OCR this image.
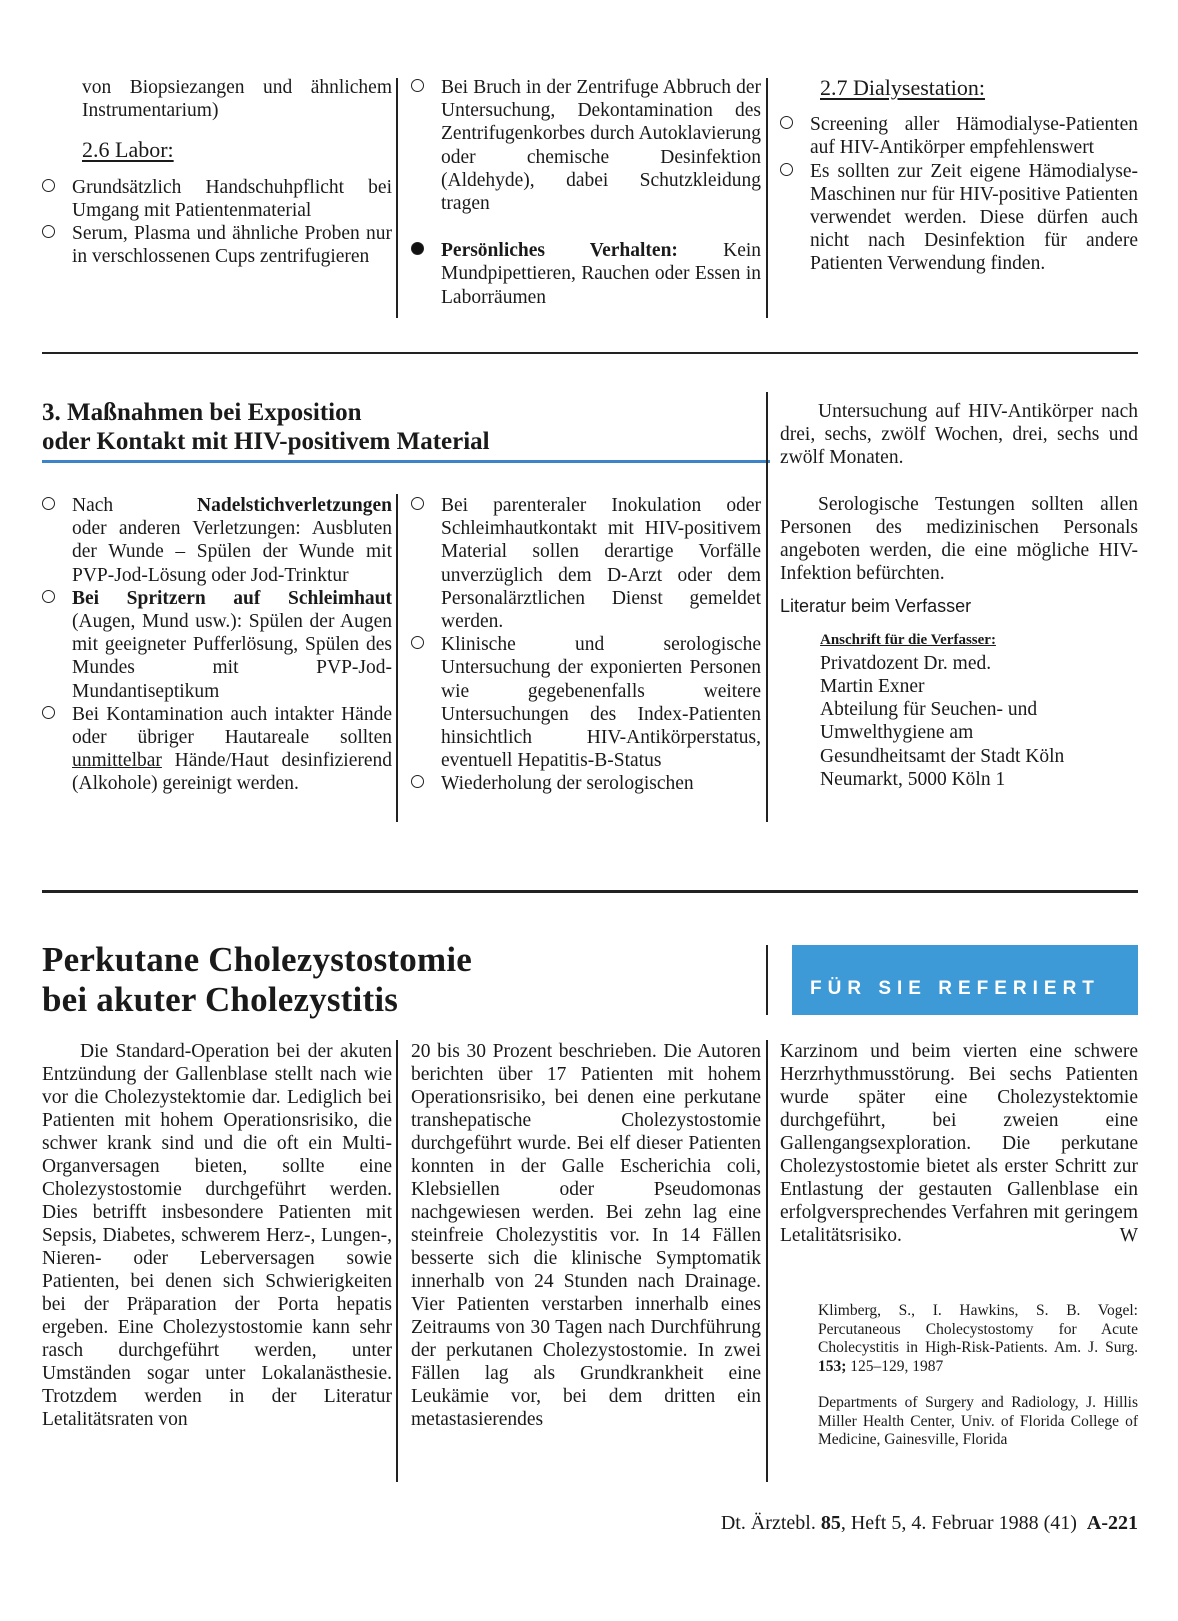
von Biopsiezangen und ähnlichem Instrumentarium)

2.6 Labor:
Grundsätzlich Handschuhpflicht bei Umgang mit Patientenmaterial
Serum, Plasma und ähnliche Proben nur in verschlossenen Cups zentrifugieren
Bei Bruch in der Zentrifuge Abbruch der Untersuchung, Dekontamination des Zentrifugenkorbes durch Autoklavierung oder chemische Desinfektion (Aldehyde), dabei Schutzkleidung tragen
Persönliches Verhalten: Kein Mundpipettieren, Rauchen oder Essen in Laborräumen
2.7 Dialysestation:
Screening aller Hämodialyse-Patienten auf HIV-Antikörper empfehlenswert
Es sollten zur Zeit eigene Hämodialyse-Maschinen nur für HIV-positive Patienten verwendet werden. Diese dürfen auch nicht nach Desinfektion für andere Patienten Verwendung finden.
3. Maßnahmen bei Exposition
oder Kontakt mit HIV-positivem Material
Nach	Nadelstichverletzungen
oder anderen Verletzungen: Ausbluten der Wunde – Spülen der Wunde mit PVP-Jod-Lösung oder Jod-Trinktur
Bei Spritzern auf Schleimhaut (Augen, Mund usw.): Spülen der Augen mit geeigneter Pufferlösung, Spülen des Mundes mit PVP-Jod-Mundantiseptikum
Bei Kontamination auch intakter Hände oder übriger Hautareale sollten unmittelbar Hände/Haut desinfizierend (Alkohole) gereinigt werden.
Bei parenteraler Inokulation oder Schleimhautkontakt mit HIV-positivem Material sollen derartige Vorfälle unverzüglich dem D-Arzt oder dem Personalärztlichen Dienst gemeldet werden.
Klinische und serologische Untersuchung der exponierten Personen wie gegebenenfalls weitere Untersuchungen des Index-Patienten hinsichtlich HIV-Antikörperstatus, eventuell Hepatitis-B-Status
Wiederholung der serologischen

Untersuchung auf HIV-Antikörper nach drei, sechs, zwölf Wochen, drei, sechs und zwölf Monaten.

Serologische Testungen sollten allen Personen des medizinischen Personals angeboten werden, die eine mögliche HIV-Infektion befürchten.

Literatur beim Verfasser

Anschrift für die Verfasser:
Privatdozent Dr. med.
Martin Exner
Abteilung für Seuchen- und
Umwelthygiene am
Gesundheitsamt der Stadt Köln
Neumarkt, 5000 Köln 1
Perkutane Cholezystostomie
bei akuter Cholezystitis	FÜR SIE REFERIERT
Die Standard-Operation bei der akuten Entzündung der Gallenblase stellt nach wie vor die Cholezystektomie dar. Lediglich bei Patienten mit hohem Operationsrisiko, die schwer krank sind und die oft ein Multi-Organversagen bieten, sollte eine Cholezystostomie durchgeführt werden. Dies betrifft insbesondere Patienten mit Sepsis, Diabetes, schwerem Herz-, Lungen-, Nieren- oder Leberversagen sowie Patienten, bei denen sich Schwierigkeiten bei der Präparation der Porta hepatis ergeben. Eine Cholezystostomie kann sehr rasch durchgeführt werden, unter Umständen sogar unter Lokalanästhesie. Trotzdem werden in der Literatur Letalitätsraten von
20 bis 30 Prozent beschrieben. Die Autoren berichten über 17 Patienten mit hohem Operationsrisiko, bei denen eine perkutane transhepatische Cholezystostomie durchgeführt wurde. Bei elf dieser Patienten konnten in der Galle Escherichia coli, Klebsiellen oder Pseudomonas nachgewiesen werden. Bei zehn lag eine steinfreie Cholezystitis vor. In 14 Fällen besserte sich die klinische Symptomatik innerhalb von 24 Stunden nach Drainage. Vier Patienten verstarben innerhalb eines Zeitraums von 30 Tagen nach Durchführung der perkutanen Cholezystostomie. In zwei Fällen lag als Grundkrankheit eine Leukämie vor, bei dem dritten ein metastasierendes

Karzinom und beim vierten eine schwere Herzrhythmusstörung. Bei sechs Patienten wurde später eine Cholezystektomie durchgeführt, bei zweien eine Gallengangsexploration. Die perkutane Cholezystostomie bietet als erster Schritt zur Entlastung der gestauten Gallenblase ein erfolgversprechendes Verfahren mit geringem Letalitätsrisiko.	W

Klimberg, S., I. Hawkins, S. B. Vogel: Percutaneous Cholecystostomy for Acute Cholecystitis in High-Risk-Patients. Am. J. Surg. 153; 125–129, 1987

Departments of Surgery and Radiology, J. Hillis Miller Health Center, Univ. of Florida College of Medicine, Gainesville, Florida

Dt. Ärztebl. 85, Heft 5, 4. Februar 1988 (41) A-221
